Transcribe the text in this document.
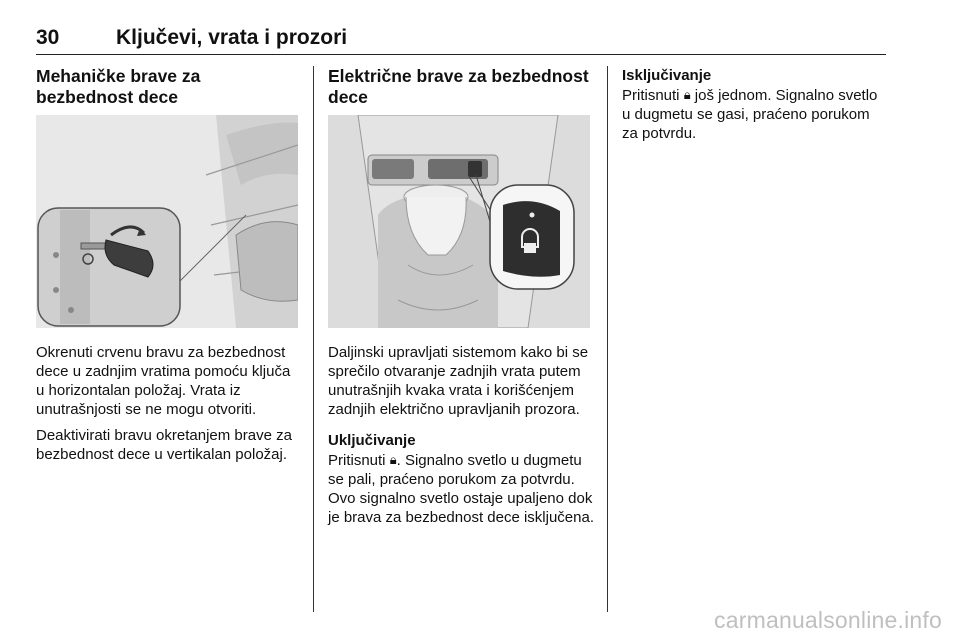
30	Ključevi, vrata i prozori
Mehaničke brave za bezbednost dece

Okrenuti crvenu bravu za bezbednost dece u zadnjim vratima pomoću ključa u horizontalan položaj. Vrata iz unutrašnjosti se ne mogu otvoriti.

Deaktivirati bravu okretanjem brave za bezbednost dece u vertikalan položaj.

Električne brave za bezbednost dece

Daljinski upravljati sistemom kako bi se sprečilo otvaranje zadnjih vrata putem unutrašnjih kvaka vrata i korišćenjem zadnjih električno upravljanih prozora.

Uključivanje

Pritisnuti 🔒︎. Signalno svetlo u dugmetu se pali, praćeno porukom za potvrdu. Ovo signalno svetlo ostaje upaljeno dok je brava za bezbednost dece isključena.

Isključivanje

Pritisnuti 🔒︎ još jednom. Signalno svetlo u dugmetu se gasi, praćeno porukom za potvrdu.

carmanualsonline.info
